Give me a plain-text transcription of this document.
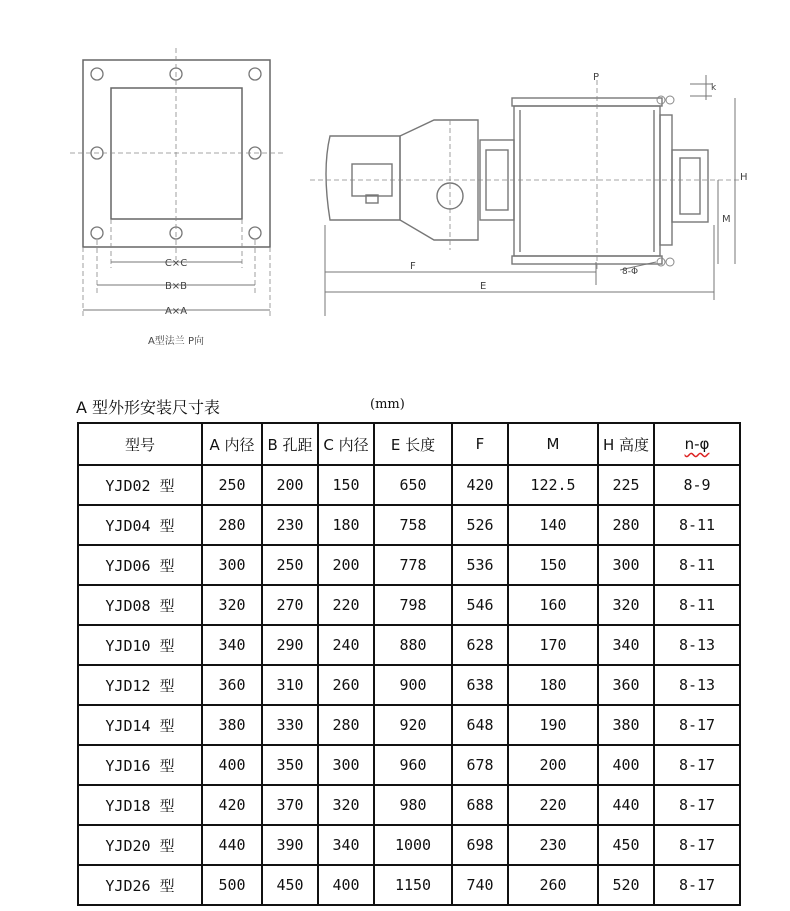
C×C
B×B
A×A
A型法兰 P向
P
k
H
M
F
E
8-Φ
A 型外形安装尺寸表	(mm)
型号	A 内径	B 孔距	C 内径	E 长度	F	M	H 高度	n-φ
YJD02 型	250	200	150	650	420	122.5	225	8-9
YJD04 型	280	230	180	758	526	140	280	8-11
YJD06 型	300	250	200	778	536	150	300	8-11
YJD08 型	320	270	220	798	546	160	320	8-11
YJD10 型	340	290	240	880	628	170	340	8-13
YJD12 型	360	310	260	900	638	180	360	8-13
YJD14 型	380	330	280	920	648	190	380	8-17
YJD16 型	400	350	300	960	678	200	400	8-17
YJD18 型	420	370	320	980	688	220	440	8-17
YJD20 型	440	390	340	1000	698	230	450	8-17
YJD26 型	500	450	400	1150	740	260	520	8-17
